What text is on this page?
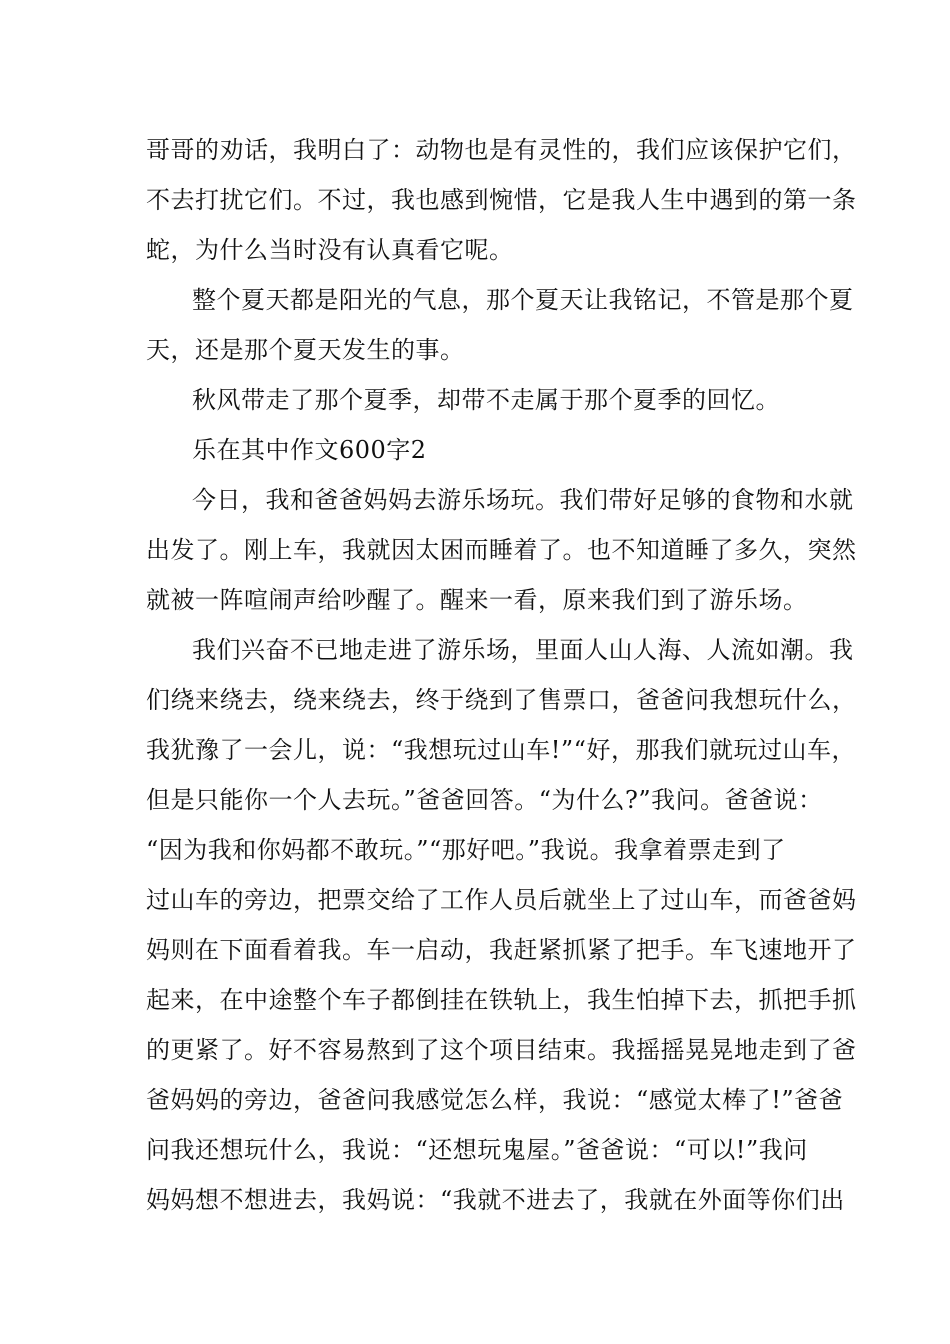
哥哥的劝话，我明白了：动物也是有灵性的，我们应该保护它们，
不去打扰它们。不过，我也感到惋惜，它是我人生中遇到的第一条
蛇，为什么当时没有认真看它呢。
整个夏天都是阳光的气息，那个夏天让我铭记，不管是那个夏
天，还是那个夏天发生的事。
秋风带走了那个夏季，却带不走属于那个夏季的回忆。
乐在其中作文600字2
今日，我和爸爸妈妈去游乐场玩。我们带好足够的食物和水就
出发了。刚上车，我就因太困而睡着了。也不知道睡了多久，突然
就被一阵喧闹声给吵醒了。醒来一看，原来我们到了游乐场。
我们兴奋不已地走进了游乐场，里面人山人海、人流如潮。我
们绕来绕去，绕来绕去，终于绕到了售票口，爸爸问我想玩什么，
我犹豫了一会儿，说：“我想玩过山车!”“好，那我们就玩过山车，
但是只能你一个人去玩。”爸爸回答。“为什么?”我问。爸爸说：
“因为我和你妈都不敢玩。”“那好吧。”我说。我拿着票走到了
过山车的旁边，把票交给了工作人员后就坐上了过山车，而爸爸妈
妈则在下面看着我。车一启动，我赶紧抓紧了把手。车飞速地开了
起来，在中途整个车子都倒挂在铁轨上，我生怕掉下去，抓把手抓
的更紧了。好不容易熬到了这个项目结束。我摇摇晃晃地走到了爸
爸妈妈的旁边，爸爸问我感觉怎么样，我说：“感觉太棒了!”爸爸
问我还想玩什么，我说：“还想玩鬼屋。”爸爸说：“可以!”我问
妈妈想不想进去，我妈说：“我就不进去了，我就在外面等你们出
